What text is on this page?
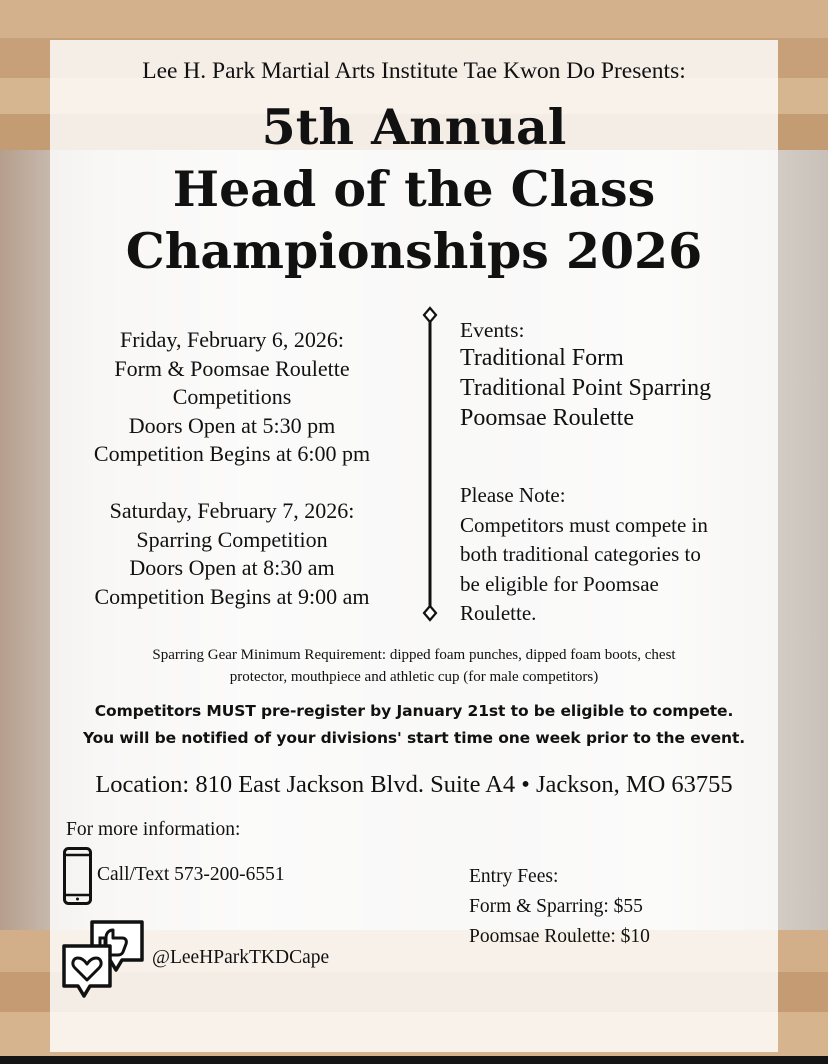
Lee H. Park Martial Arts Institute Tae Kwon Do Presents:
5th Annual
Head of the Class
Championships 2026
Friday, February 6, 2026:
Form & Poomsae Roulette
Competitions
Doors Open at 5:30 pm
Competition Begins at 6:00 pm
Saturday, February 7, 2026:
Sparring Competition
Doors Open at 8:30 am
Competition Begins at 9:00 am
Events:
Traditional Form
Traditional Point Sparring
Poomsae Roulette
Please Note:
Competitors must compete in
both traditional categories to
be eligible for Poomsae
Roulette.
Sparring Gear Minimum Requirement: dipped foam punches, dipped foam boots, chest
protector, mouthpiece and athletic cup (for male competitors)
Competitors MUST pre-register by January 21st to be eligible to compete.
You will be notified of your divisions' start time one week prior to the event.
Location: 810 East Jackson Blvd. Suite A4 • Jackson, MO 63755
For more information:
Call/Text 573-200-6551
@LeeHParkTKDCape
Entry Fees:
Form & Sparring: $55
Poomsae Roulette: $10
